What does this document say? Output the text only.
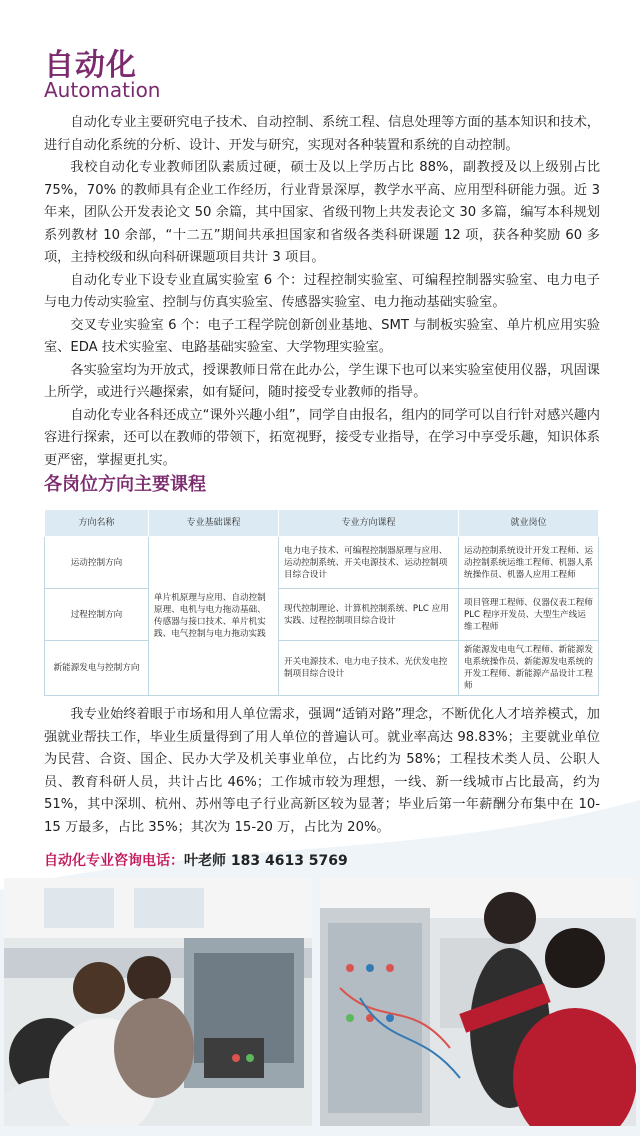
自动化
Automation

自动化专业主要研究电子技术、自动控制、系统工程、信息处理等方面的基本知识和技术，进行自动化系统的分析、设计、开发与研究，实现对各种装置和系统的自动控制。

我校自动化专业教师团队素质过硬，硕士及以上学历占比 88%，副教授及以上级别占比 75%，70% 的教师具有企业工作经历，行业背景深厚，教学水平高、应用型科研能力强。近 3 年来，团队公开发表论文 50 余篇，其中国家、省级刊物上共发表论文 30 多篇，编写本科规划系列教材 10 余部，“十二五”期间共承担国家和省级各类科研课题 12 项，获各种奖励 60 多项，主持校级和纵向科研课题项目共计 3 项目。

自动化专业下设专业直属实验室 6 个：过程控制实验室、可编程控制器实验室、电力电子与电力传动实验室、控制与仿真实验室、传感器实验室、电力拖动基础实验室。

交叉专业实验室 6 个：电子工程学院创新创业基地、SMT 与制板实验室、单片机应用实验室、EDA 技术实验室、电路基础实验室、大学物理实验室。

各实验室均为开放式，授课教师日常在此办公，学生课下也可以来实验室使用仪器，巩固课上所学，或进行兴趣探索，如有疑问，随时接受专业教师的指导。

自动化专业各科还成立“课外兴趣小组”，同学自由报名，组内的同学可以自行针对感兴趣内容进行探索，还可以在教师的带领下，拓宽视野，接受专业指导，在学习中享受乐趣，知识体系更严密，掌握更扎实。

各岗位方向主要课程
方向名称	专业基础课程	专业方向课程	就业岗位
运动控制方向	单片机原理与应用、自动控制原理、电机与电力拖动基础、传感器与接口技术、单片机实践、电气控制与电力拖动实践	电力电子技术、可编程控制器原理与应用、运动控制系统、开关电源技术、运动控制项目综合设计	运动控制系统设计开发工程师、运动控制系统运维工程师、机器人系统操作员、机器人应用工程师
过程控制方向		现代控制理论、计算机控制系统、PLC 应用实践、过程控制项目综合设计	项目管理工程师、仪器仪表工程师 PLC 程序开发员、大型生产线运维工程师
新能源发电与控制方向		开关电源技术、电力电子技术、光伏发电控制项目综合设计	新能源发电电气工程师、新能源发电系统操作员、新能源发电系统的开发工程师、新能源产品设计工程师

我专业始终着眼于市场和用人单位需求，强调“适销对路”理念，不断优化人才培养模式，加强就业帮扶工作，毕业生质量得到了用人单位的普遍认可。就业率高达 98.83%；主要就业单位为民营、合资、国企、民办大学及机关事业单位，占比约为 58%；工程技术类人员、公职人员、教育科研人员，共计占比 46%；工作城市较为理想，一线、新一线城市占比最高，约为 51%，其中深圳、杭州、苏州等电子行业高新区较为显著；毕业后第一年薪酬分布集中在 10-15 万最多，占比 35%；其次为 15-20 万，占比为 20%。

自动化专业咨询电话：叶老师 183 4613 5769
